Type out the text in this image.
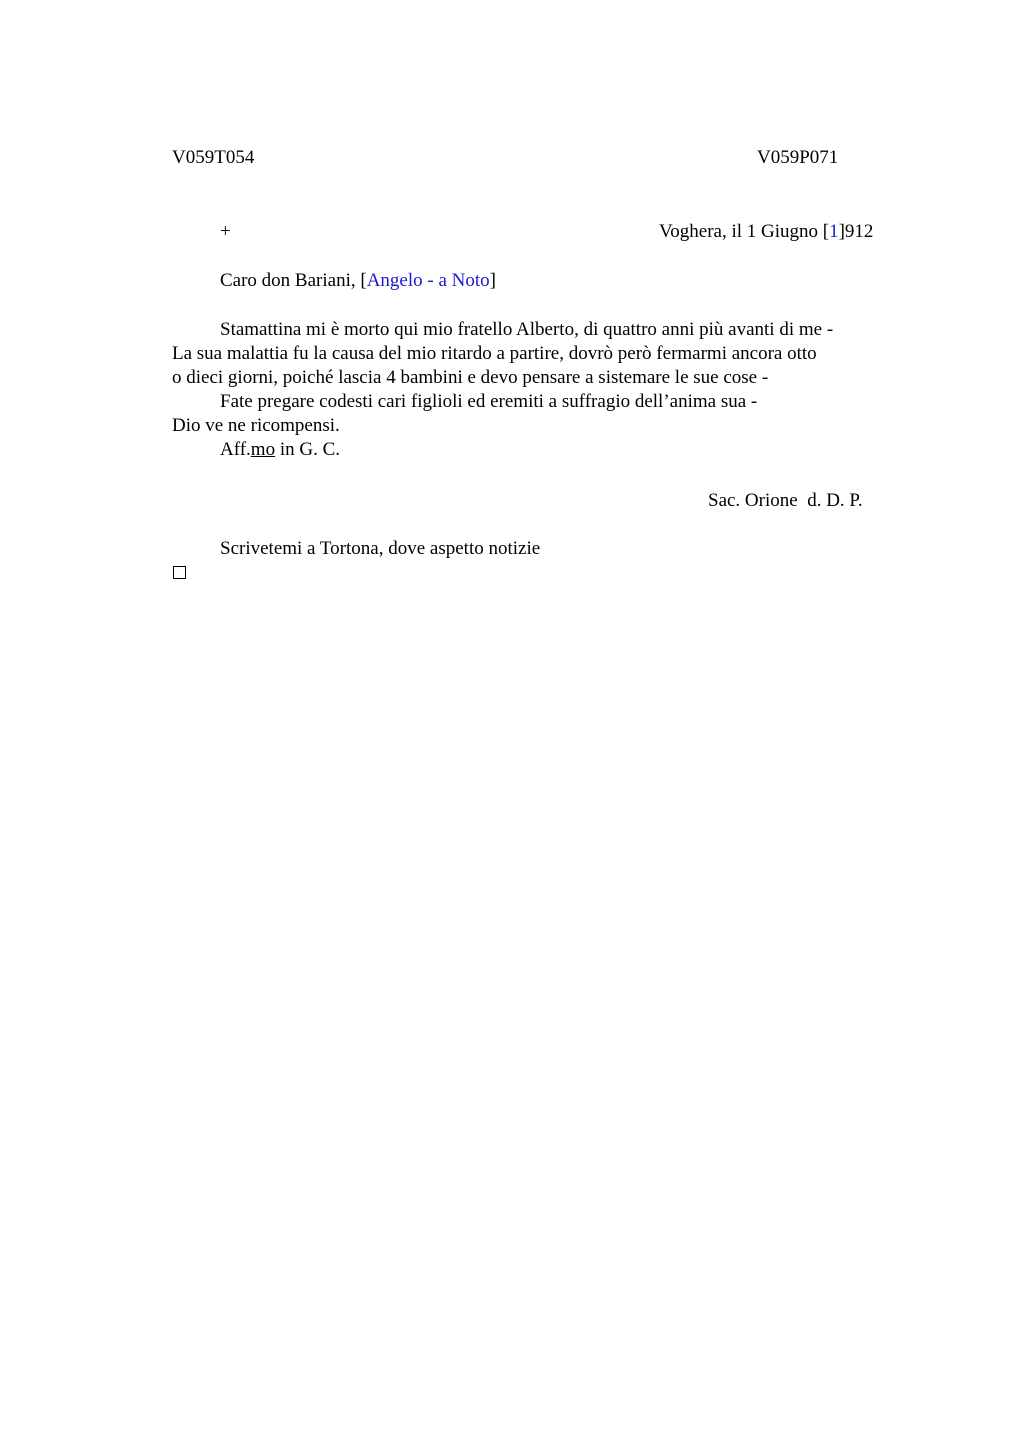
V059T054	V059P071
+	Voghera, il 1 Giugno [1]912
Caro don Bariani, [Angelo - a Noto]
Stamattina mi è morto qui mio fratello Alberto, di quattro anni più avanti di me -
La sua malattia fu la causa del mio ritardo a partire, dovrò però fermarmi ancora otto
o dieci giorni, poiché lascia 4 bambini e devo pensare a sistemare le sue cose -
Fate pregare codesti cari figlioli ed eremiti a suffragio dell’anima sua -
Dio ve ne ricompensi.
Aff.mo in G. C.
Sac. Orione  d. D. P.
Scrivetemi a Tortona, dove aspetto notizie
